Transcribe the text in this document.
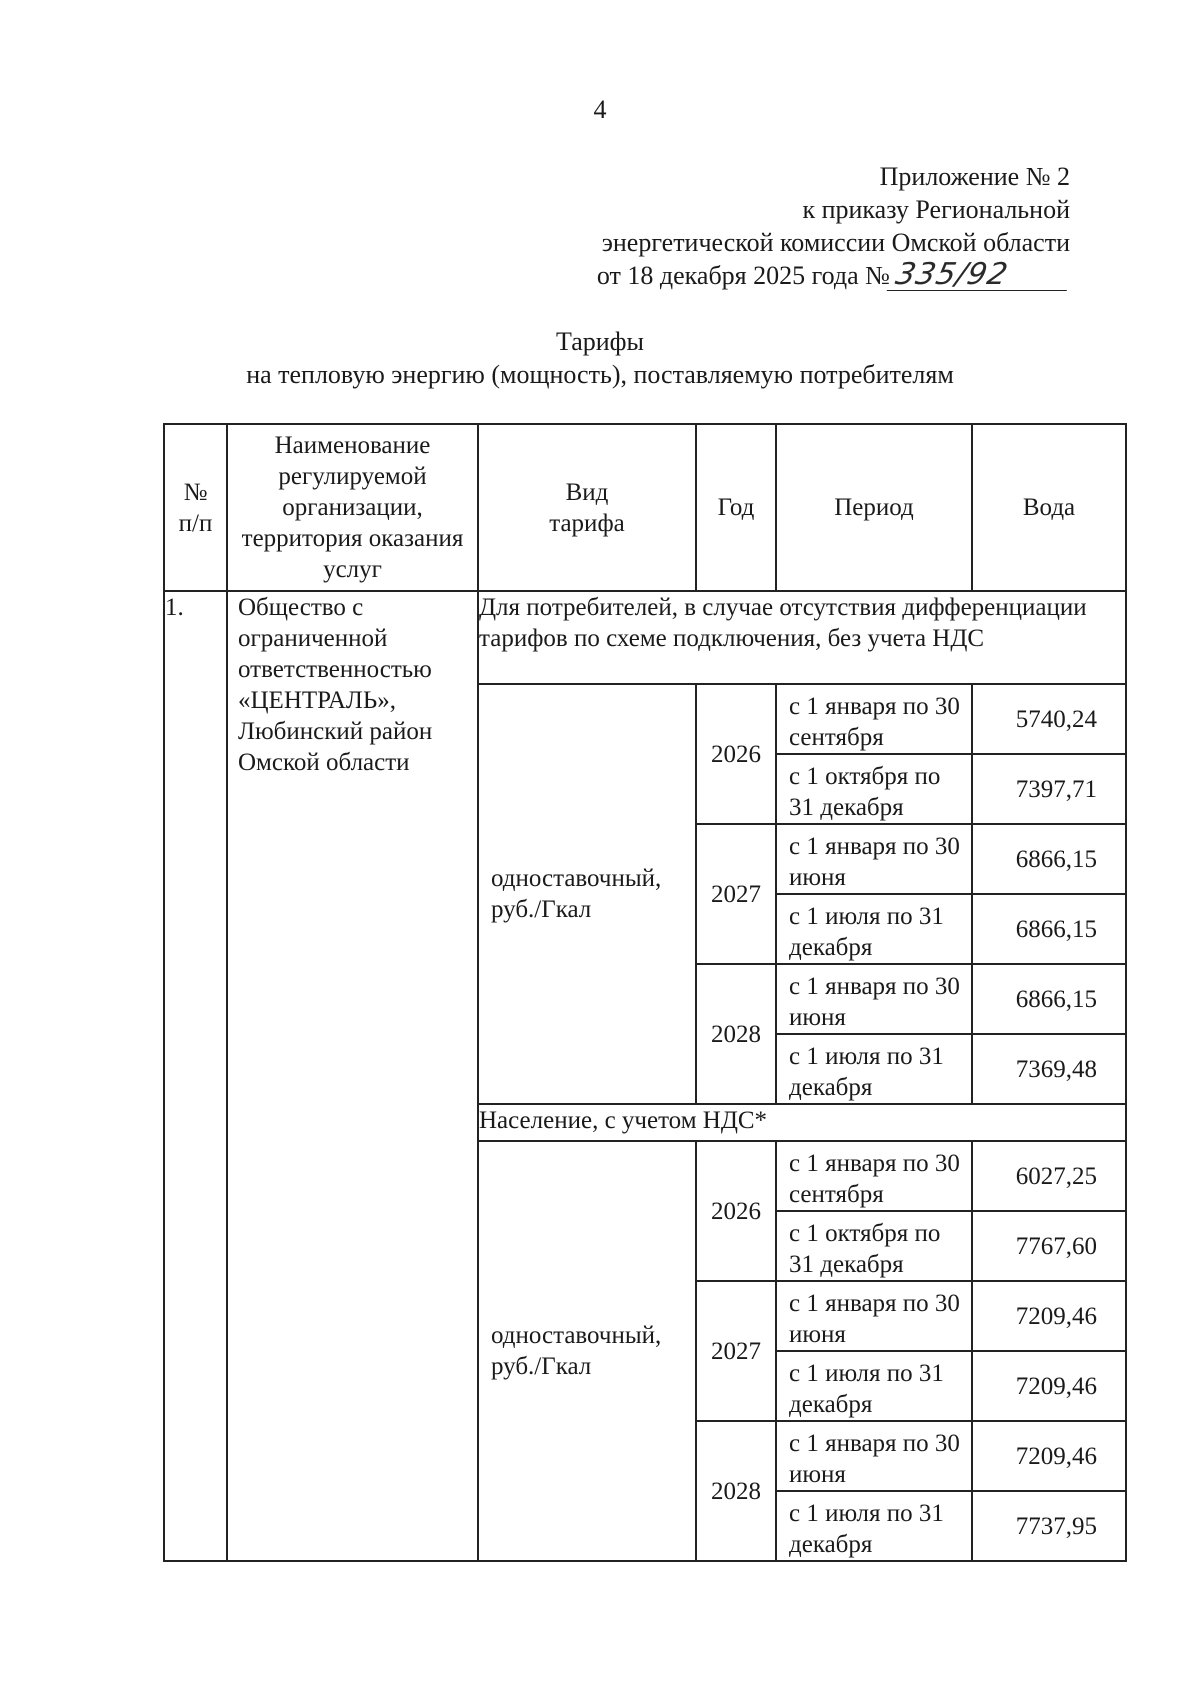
4
Приложение № 2
к приказу Региональной
энергетической комиссии Омской области
от 18 декабря 2025 года №335/92
Тарифы
на тепловую энергию (мощность), поставляемую потребителям
№ п/п	Наименование регулируемой организации, территория оказания услуг	Вид тарифа	Год	Период	Вода
1.	Общество с ограниченной ответственностью «ЦЕНТРАЛЬ», Любинский район Омской области	Для потребителей, в случае отсутствия дифференциации тарифов по схеме подключения, без учета НДС			
		одноставочный, руб./Гкал	2026	с 1 января по 30 сентября	5740,24
				с 1 октября по 31 декабря	7397,71
			2027	с 1 января по 30 июня	6866,15
				с 1 июля по 31 декабря	6866,15
			2028	с 1 января по 30 июня	6866,15
				с 1 июля по 31 декабря	7369,48
		Население, с учетом НДС*			
		одноставочный, руб./Гкал	2026	с 1 января по 30 сентября	6027,25
				с 1 октября по 31 декабря	7767,60
			2027	с 1 января по 30 июня	7209,46
				с 1 июля по 31 декабря	7209,46
			2028	с 1 января по 30 июня	7209,46
				с 1 июля по 31 декабря	7737,95
